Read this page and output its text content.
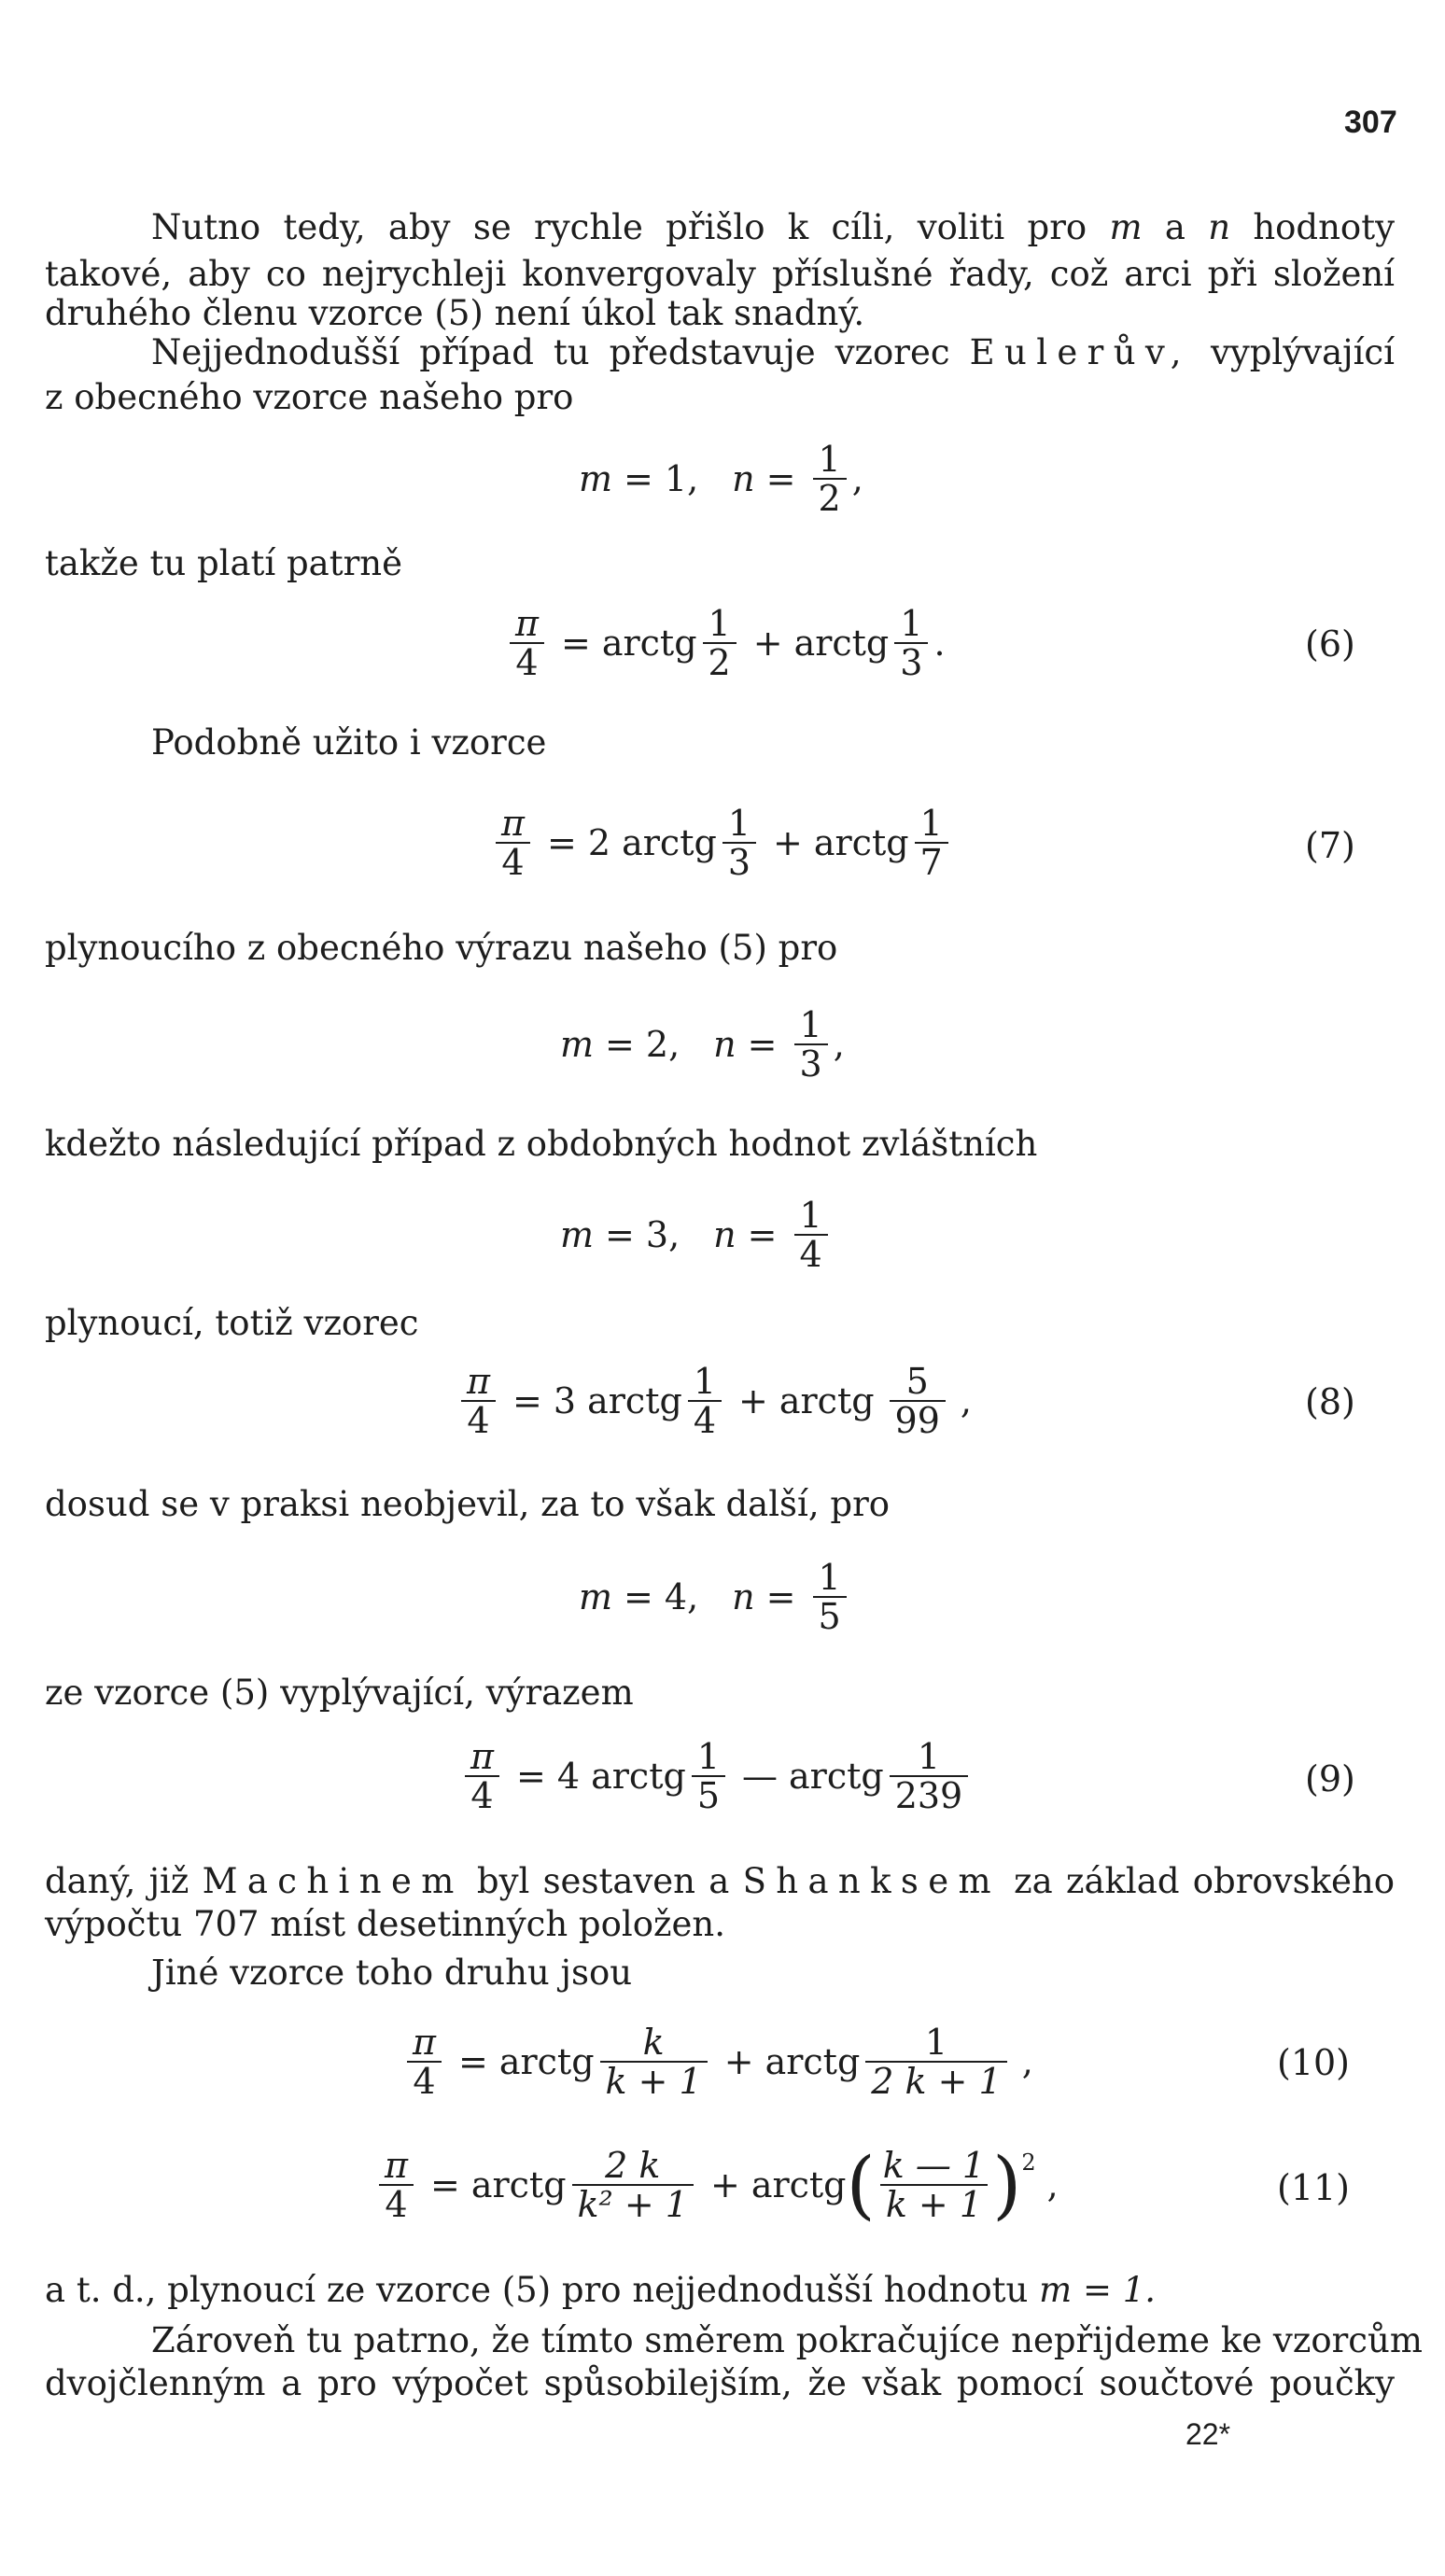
307
Nutno tedy, aby se rychle přišlo k cíli, voliti pro m a n hodnoty
takové, aby co nejrychleji konvergovaly příslušné řady, což arci při složení
druhého členu vzorce (5) není úkol tak snadný.
Nejjednodušší případ tu představuje vzorec Eulerův, vyplývající
z obecného vzorce našeho pro
m = 1 , $n = \frac{1}{2}$ ,
takže tu platí patrně
$\frac{\pi}{4}$ = arctg $\frac{1}{2}$ + arctg $\frac{1}{3}$ .	(6)
Podobně užito i vzorce
$\frac{\pi}{4} = 2$
arctg $\frac{1}{3}$ + arctg $\frac{1}{7}$	(7)
plynoucího z obecného výrazu našeho (5) pro
m = 2 , $n = \frac{1}{3}$ ,
kdežto následující případ z obdobných hodnot zvláštních
m = 3 , $n = \frac{1}{4}$
plynoucí, totiž vzorec
$\frac{\pi}{4} = 3$
arctg $\frac{1}{4}$ + arctg $\frac{5}{99}$ ,	(8)
dosud se v praksi neobjevil, za to však další, pro
m = 4 , $n = \frac{1}{5}$
ze vzorce (5) vyplývající, výrazem
$\frac{\pi}{4} = 4$
arctg $\frac{1}{5}$ — arctg $\frac{1}{239}$	(9)
daný, již Machinem byl sestaven a Shanksem za základ obrovského
výpočtu 707 míst desetinných položen.
Jiné vzorce toho druhu jsou
$\frac{\pi}{4}$ = arctg $\frac{k}{k + 1}$ + arctg $\frac{1}{2 k + 1}$ ,	(10)
$\frac{\pi}{4}$ = arctg $\frac{2 k}{\text{k² + 1}}$ + arctg ( $\frac{k — 1}{k + 1}$ ) 2
,	(11)
a t. d., plynoucí ze vzorce (5) pro nejjednodušší hodnotu m = 1.
Zároveň tu patrno, že tímto směrem pokračujíce nepřijdeme ke vzorcům
dvojčlenným a pro výpočet spůsobilejším, že však pomocí součtové poučky
22*
